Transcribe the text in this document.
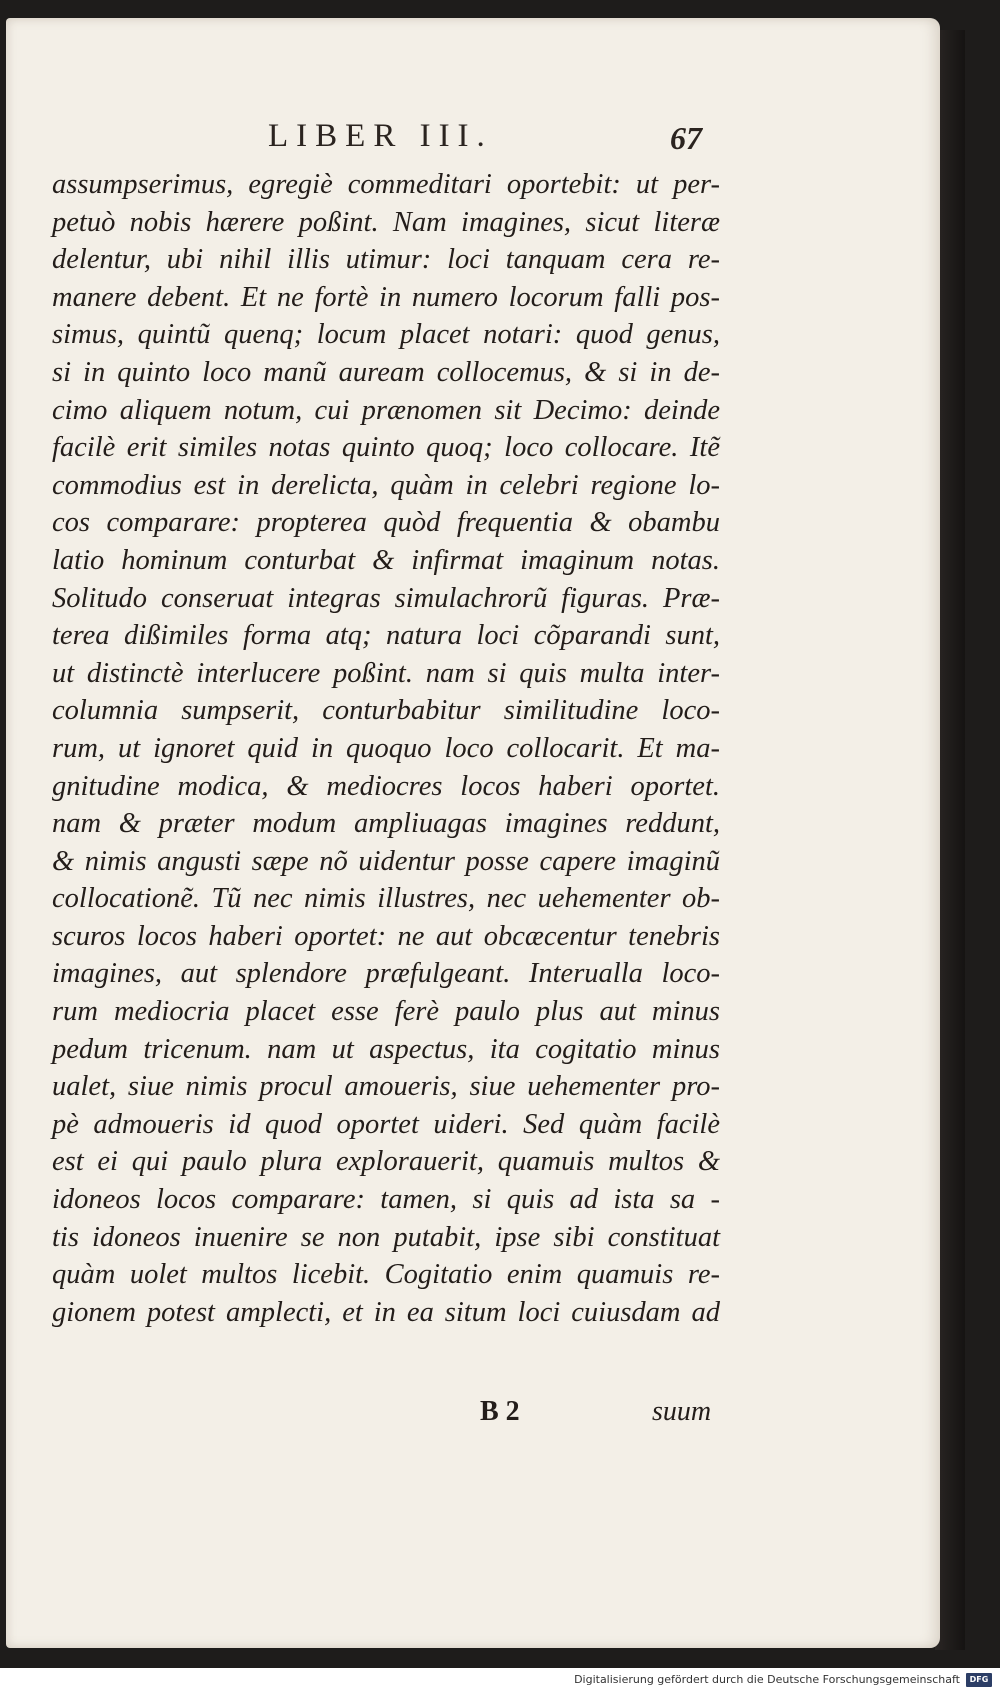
LIBER III.	67
assumpserimus, egregiè commeditari oportebit: ut per-
petuò nobis hærere poßint. Nam imagines, sicut literæ
delentur, ubi nihil illis utimur: loci tanquam cera re-
manere debent. Et ne fortè in numero locorum falli pos-
simus, quintũ quenq; locum placet notari: quod genus,
si in quinto loco manũ auream collocemus, & si in de-
cimo aliquem notum, cui prænomen sit Decimo: deinde
facilè erit similes notas quinto quoq; loco collocare. Itẽ
commodius est in derelicta, quàm in celebri regione lo-
cos comparare: propterea quòd frequentia & obambu
latio hominum conturbat & infirmat imaginum notas.
Solitudo conseruat integras simulachrorũ figuras. Præ-
terea dißimiles forma atq; natura loci cõparandi sunt,
ut distinctè interlucere poßint. nam si quis multa inter-
columnia sumpserit, conturbabitur similitudine loco-
rum, ut ignoret quid in quoquo loco collocarit. Et ma-
gnitudine modica, & mediocres locos haberi oportet.
nam & præter modum ampliuagas imagines reddunt,
& nimis angusti sæpe nõ uidentur posse capere imaginũ
collocationẽ. Tũ nec nimis illustres, nec uehementer ob-
scuros locos haberi oportet: ne aut obcæcentur tenebris
imagines, aut splendore præfulgeant. Interualla loco-
rum mediocria placet esse ferè paulo plus aut minus
pedum tricenum. nam ut aspectus, ita cogitatio minus
ualet, siue nimis procul amoueris, siue uehementer pro-
pè admoueris id quod oportet uideri. Sed quàm facilè
est ei qui paulo plura explorauerit, quamuis multos &
idoneos locos comparare: tamen, si quis ad ista sa -
tis idoneos inuenire se non putabit, ipse sibi constituat
quàm uolet multos licebit. Cogitatio enim quamuis re-
gionem potest amplecti, et in ea situm loci cuiusdam ad
B 2	suum
Digitalisierung gefördert durch die Deutsche Forschungsgemeinschaft	DFG
